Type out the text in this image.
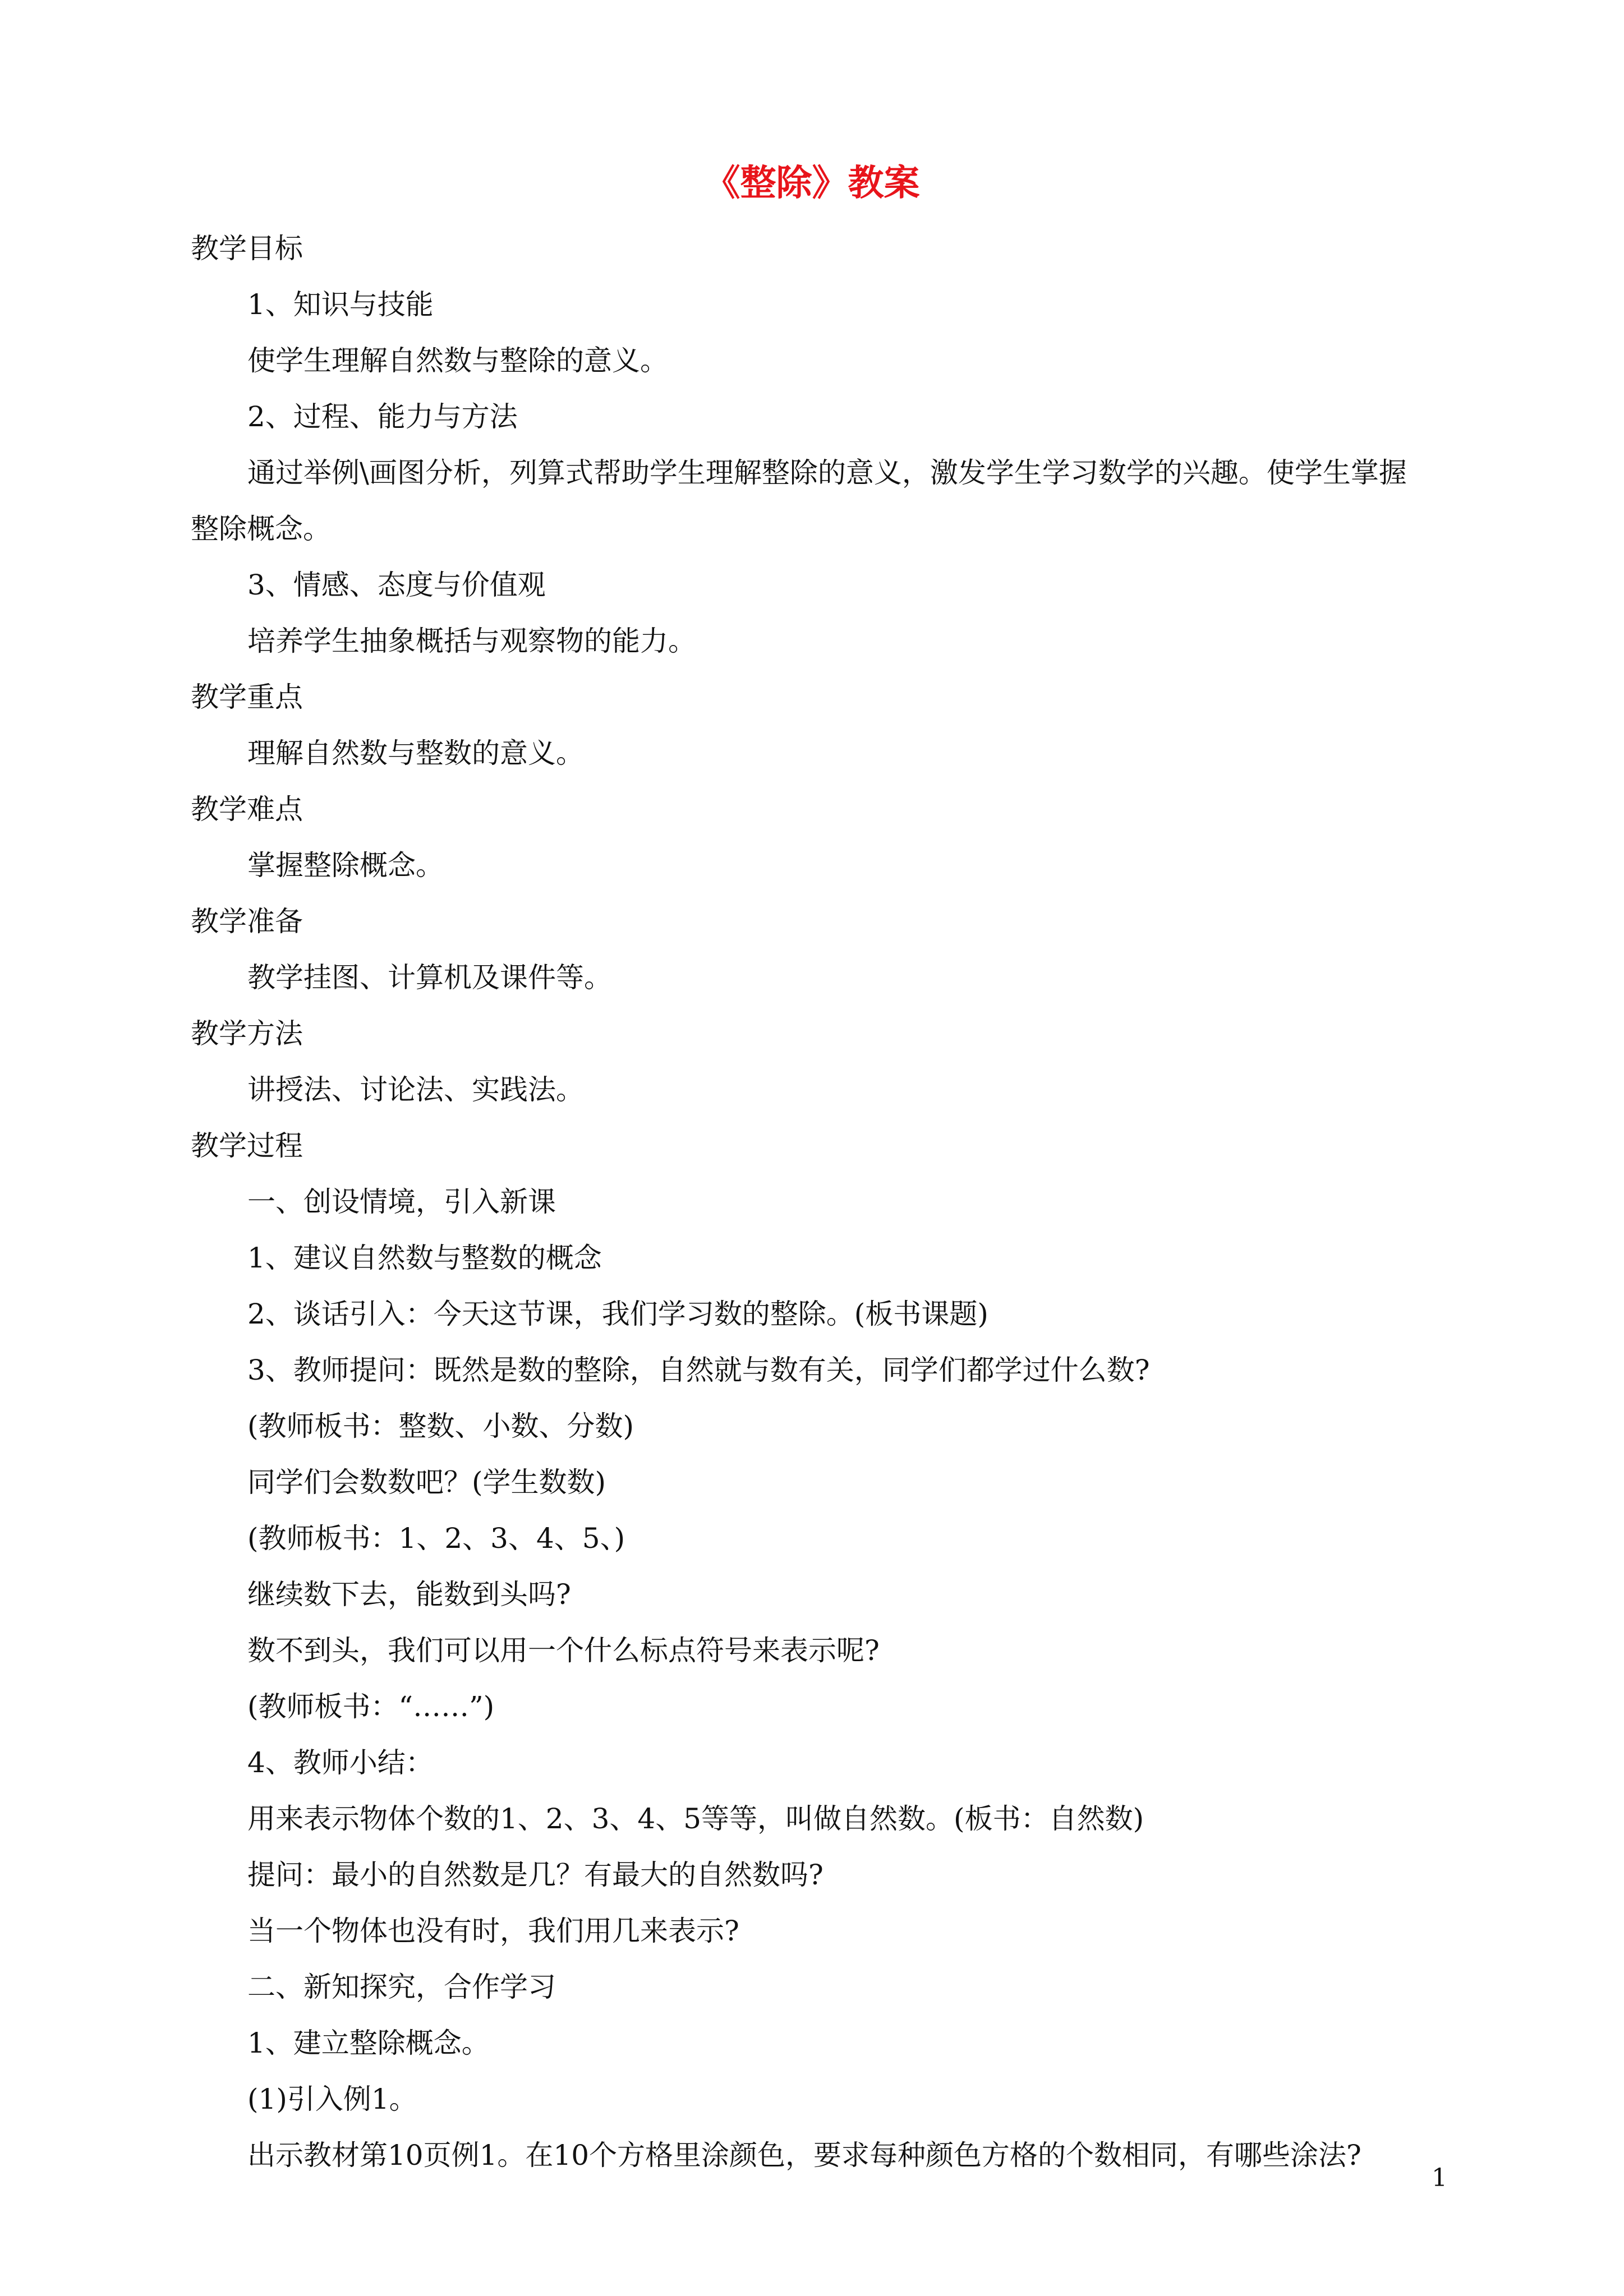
《整除》教案
教学目标
1、知识与技能
使学生理解自然数与整除的意义。
2、过程、能力与方法
通过举例\画图分析，列算式帮助学生理解整除的意义，激发学生学习数学的兴趣。使学生掌握
整除概念。
3、情感、态度与价值观
培养学生抽象概括与观察物的能力。
教学重点
理解自然数与整数的意义。
教学难点
掌握整除概念。
教学准备
教学挂图、计算机及课件等。
教学方法
讲授法、讨论法、实践法。
教学过程
一、创设情境，引入新课
1、建议自然数与整数的概念
2、谈话引入：今天这节课，我们学习数的整除。(板书课题)
3、教师提问：既然是数的整除，自然就与数有关，同学们都学过什么数?
(教师板书：整数、小数、分数)
同学们会数数吧？(学生数数)
(教师板书：1、2、3、4、5、)
继续数下去，能数到头吗?
数不到头，我们可以用一个什么标点符号来表示呢?
(教师板书：“……”)
4、教师小结：
用来表示物体个数的1、2、3、4、5等等，叫做自然数。(板书：自然数)
提问：最小的自然数是几？有最大的自然数吗?
当一个物体也没有时，我们用几来表示?
二、新知探究，合作学习
1、建立整除概念。
(1)引入例1。
出示教材第10页例1。在10个方格里涂颜色，要求每种颜色方格的个数相同，有哪些涂法?
1
